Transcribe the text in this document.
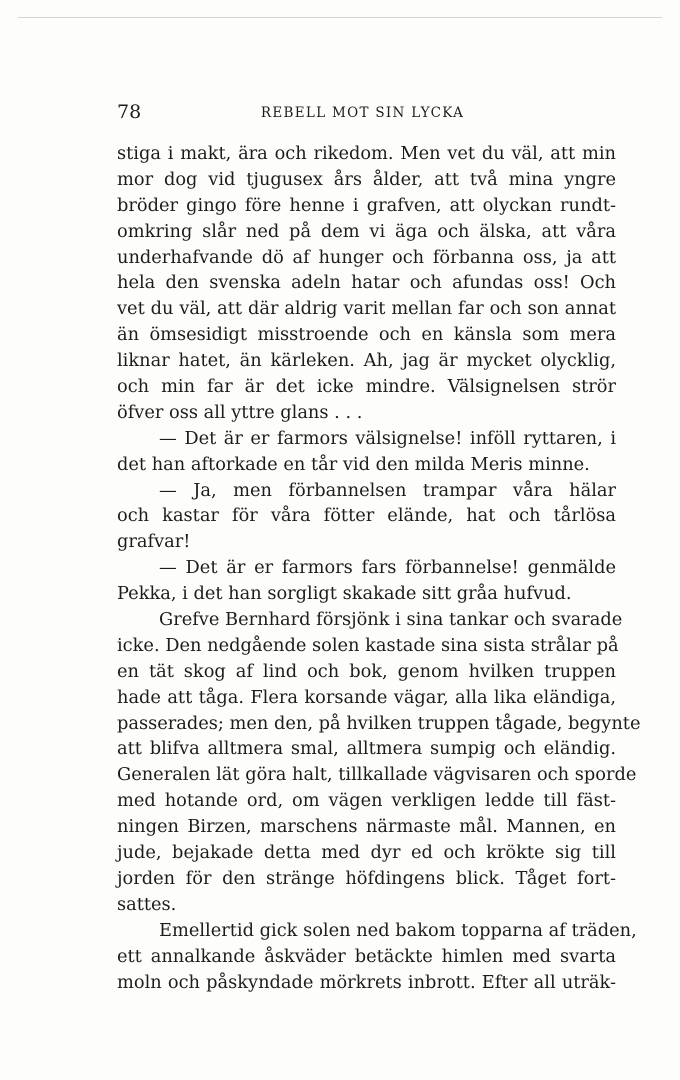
78	REBELL MOT SIN LYCKA
stiga i makt, ära och rikedom. Men vet du väl, att min
mor dog vid tjugusex års ålder, att två mina yngre
bröder gingo före henne i grafven, att olyckan rundt-
omkring slår ned på dem vi äga och älska, att våra
underhafvande dö af hunger och förbanna oss, ja att
hela den svenska adeln hatar och afundas oss! Och
vet du väl, att där aldrig varit mellan far och son annat
än ömsesidigt misstroende och en känsla som mera
liknar hatet, än kärleken. Ah, jag är mycket olycklig,
och min far är det icke mindre. Välsignelsen strör
öfver oss all yttre glans . . .
— Det är er farmors välsignelse! inföll ryttaren, i
det han aftorkade en tår vid den milda Meris minne.
— Ja, men förbannelsen trampar våra hälar
och kastar för våra fötter elände, hat och tårlösa
grafvar!
— Det är er farmors fars förbannelse! genmälde
Pekka, i det han sorgligt skakade sitt gråa hufvud.
Grefve Bernhard försjönk i sina tankar och svarade
icke. Den nedgående solen kastade sina sista strålar på
en tät skog af lind och bok, genom hvilken truppen
hade att tåga. Flera korsande vägar, alla lika eländiga,
passerades; men den, på hvilken truppen tågade, begynte
att blifva alltmera smal, alltmera sumpig och eländig.
Generalen lät göra halt, tillkallade vägvisaren och sporde
med hotande ord, om vägen verkligen ledde till fäst-
ningen Birzen, marschens närmaste mål. Mannen, en
jude, bejakade detta med dyr ed och kröktе sig till
jorden för den stränge höfdingens blick. Tåget fort-
sattes.
Emellertid gick solen ned bakom topparna af träden,
ett annalkande åskväder betäckte himlen med svarta
moln och påskyndade mörkrets inbrott. Efter all uträk-
